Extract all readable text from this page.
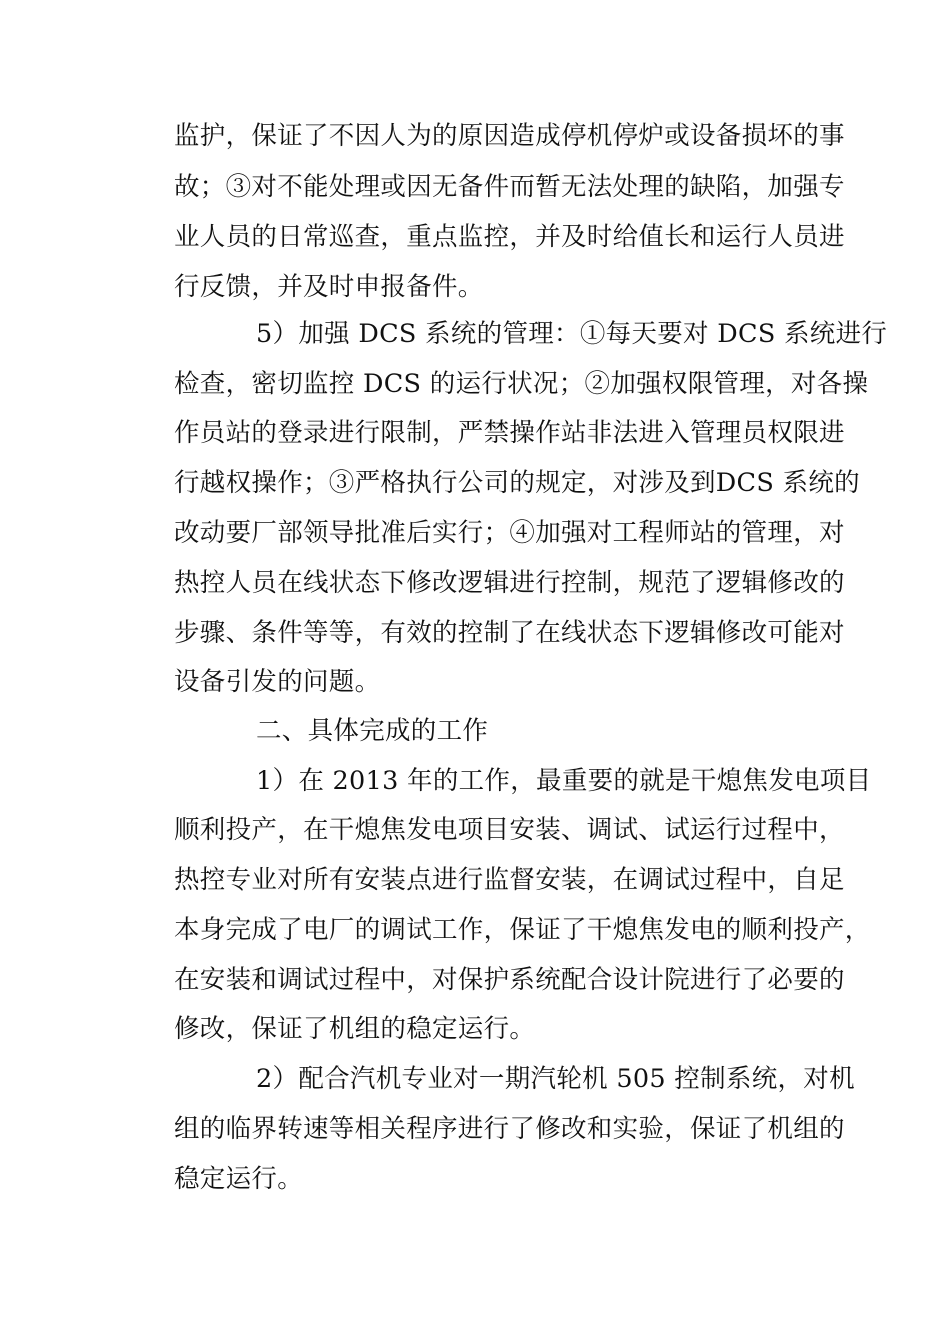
监护，保证了不因人为的原因造成停机停炉或设备损坏的事
故；③对不能处理或因无备件而暂无法处理的缺陷，加强专
业人员的日常巡查，重点监控，并及时给值长和运行人员进
行反馈，并及时申报备件。
5）加强 DCS 系统的管理：①每天要对 DCS 系统进行
检查，密切监控 DCS 的运行状况；②加强权限管理，对各操
作员站的登录进行限制，严禁操作站非法进入管理员权限进
行越权操作；③严格执行公司的规定，对涉及到DCS 系统的
改动要厂部领导批准后实行；④加强对工程师站的管理，对
热控人员在线状态下修改逻辑进行控制，规范了逻辑修改的
步骤、条件等等，有效的控制了在线状态下逻辑修改可能对
设备引发的问题。
二、具体完成的工作
1）在 2013 年的工作，最重要的就是干熄焦发电项目
顺利投产，在干熄焦发电项目安装、调试、试运行过程中，
热控专业对所有安装点进行监督安装，在调试过程中，自足
本身完成了电厂的调试工作，保证了干熄焦发电的顺利投产，
在安装和调试过程中，对保护系统配合设计院进行了必要的
修改，保证了机组的稳定运行。
2）配合汽机专业对一期汽轮机 505 控制系统，对机
组的临界转速等相关程序进行了修改和实验，保证了机组的
稳定运行。
